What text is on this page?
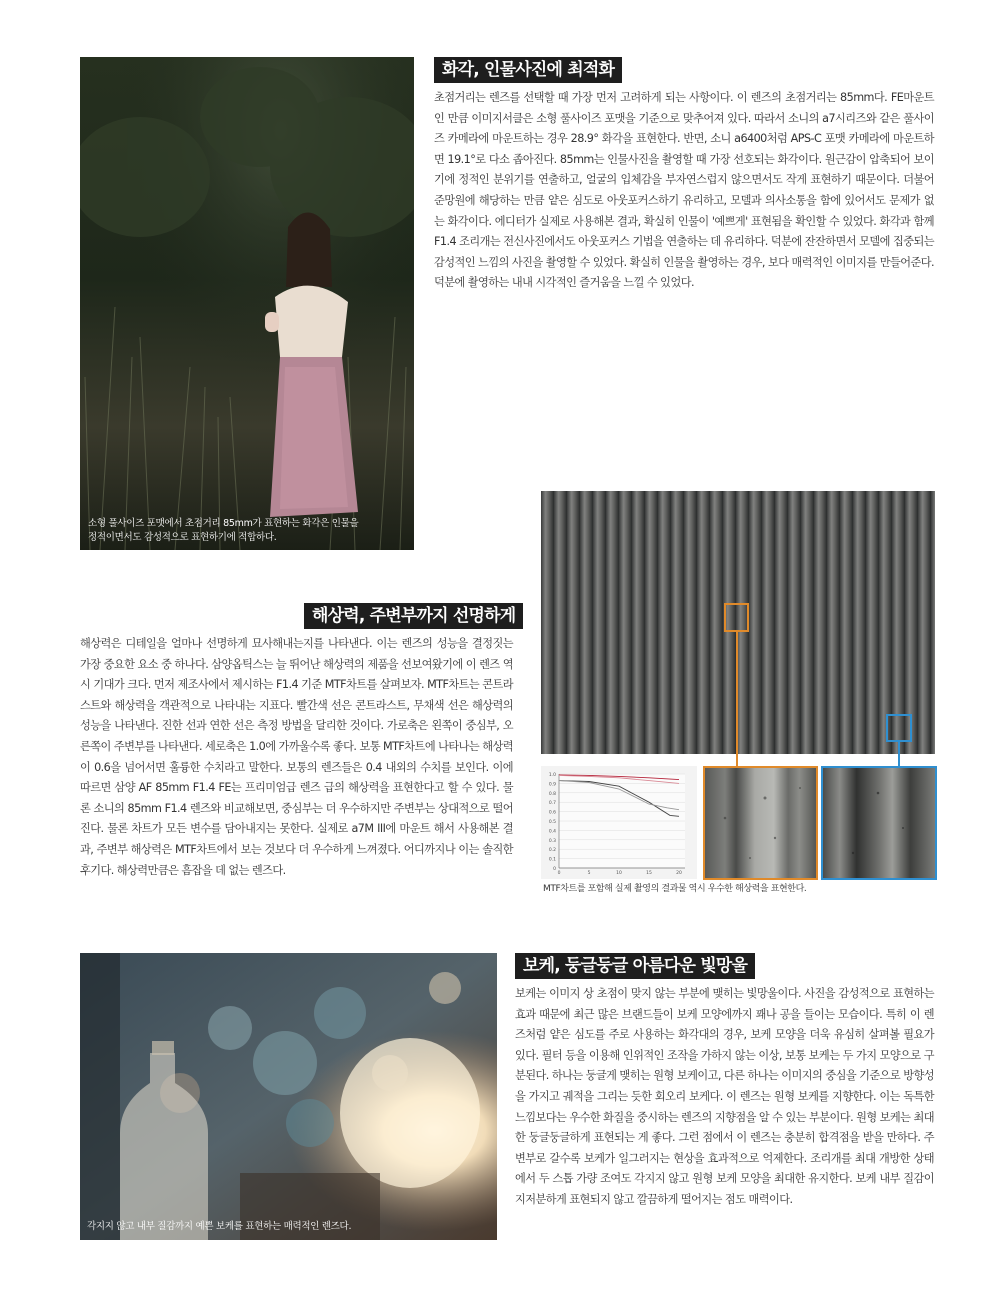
소형 풀사이즈 포맷에서 초점거리 85mm가 표현하는 화각은 인물을
정적이면서도 감성적으로 표현하기에 적합하다.
화각, 인물사진에 최적화
초점거리는 렌즈를 선택할 때 가장 먼저 고려하게 되는 사항이다. 이 렌즈의 초점거리는 85mm다. FE마운트인 만큼 이미지서클은 소형 풀사이즈 포맷을 기준으로 맞추어져 있다. 따라서 소니의 a7시리즈와 같은 풀사이즈 카메라에 마운트하는 경우 28.9° 화각을 표현한다. 반면, 소니 a6400처럼 APS-C 포맷 카메라에 마운트하면 19.1°로 다소 좁아진다. 85mm는 인물사진을 촬영할 때 가장 선호되는 화각이다. 원근감이 압축되어 보이기에 정적인 분위기를 연출하고, 얼굴의 입체감을 부자연스럽지 않으면서도 작게 표현하기 때문이다. 더불어 준망원에 해당하는 만큼 얕은 심도로 아웃포커스하기 유리하고, 모델과 의사소통을 함에 있어서도 문제가 없는 화각이다. 에디터가 실제로 사용해본 결과, 확실히 인물이 '예쁘게' 표현됨을 확인할 수 있었다. 화각과 함께 F1.4 조리개는 전신사진에서도 아웃포커스 기법을 연출하는 데 유리하다. 덕분에 잔잔하면서 모델에 집중되는 감성적인 느낌의 사진을 촬영할 수 있었다. 확실히 인물을 촬영하는 경우, 보다 매력적인 이미지를 만들어준다. 덕분에 촬영하는 내내 시각적인 즐거움을 느낄 수 있었다.
1.0
0.9
0.8
0.7
0.6
0.5
0.4
0.3
0.2
0.1
0
0	5	10	15	20
MTF차트를 포함해 실제 촬영의 결과물 역시 우수한 해상력을 표현한다.
해상력, 주변부까지 선명하게
해상력은 디테일을 얼마나 선명하게 묘사해내는지를 나타낸다. 이는 렌즈의 성능을 결정짓는 가장 중요한 요소 중 하나다. 삼양옵틱스는 늘 뛰어난 해상력의 제품을 선보여왔기에 이 렌즈 역시 기대가 크다. 먼저 제조사에서 제시하는 F1.4 기준 MTF차트를 살펴보자. MTF차트는 콘트라스트와 해상력을 객관적으로 나타내는 지표다. 빨간색 선은 콘트라스트, 무채색 선은 해상력의 성능을 나타낸다. 진한 선과 연한 선은 측정 방법을 달리한 것이다. 가로축은 왼쪽이 중심부, 오른쪽이 주변부를 나타낸다. 세로축은 1.0에 가까울수록 좋다. 보통 MTF차트에 나타나는 해상력이 0.6을 넘어서면 훌륭한 수치라고 말한다. 보통의 렌즈들은 0.4 내외의 수치를 보인다. 이에 따르면 삼양 AF 85mm F1.4 FE는 프리미엄급 렌즈 급의 해상력을 표현한다고 할 수 있다. 물론 소니의 85mm F1.4 렌즈와 비교해보면, 중심부는 더 우수하지만 주변부는 상대적으로 떨어진다. 물론 차트가 모든 변수를 담아내지는 못한다. 실제로 a7M III에 마운트 해서 사용해본 결과, 주변부 해상력은 MTF차트에서 보는 것보다 더 우수하게 느껴졌다. 어디까지나 이는 솔직한 후기다. 해상력만큼은 흠잡을 데 없는 렌즈다.
각지지 않고 내부 질감까지 예쁜 보케를 표현하는 매력적인 렌즈다.
보케, 둥글둥글 아름다운 빛망울
보케는 이미지 상 초점이 맞지 않는 부분에 맺히는 빛망울이다. 사진을 감성적으로 표현하는 효과 때문에 최근 많은 브랜드들이 보케 모양에까지 꽤나 공을 들이는 모습이다. 특히 이 렌즈처럼 얕은 심도를 주로 사용하는 화각대의 경우, 보케 모양을 더욱 유심히 살펴볼 필요가 있다. 필터 등을 이용해 인위적인 조작을 가하지 않는 이상, 보통 보케는 두 가지 모양으로 구분된다. 하나는 둥글게 맺히는 원형 보케이고, 다른 하나는 이미지의 중심을 기준으로 방향성을 가지고 궤적을 그리는 듯한 회오리 보케다. 이 렌즈는 원형 보케를 지향한다. 이는 독특한 느낌보다는 우수한 화질을 중시하는 렌즈의 지향점을 알 수 있는 부분이다. 원형 보케는 최대한 둥글둥글하게 표현되는 게 좋다. 그런 점에서 이 렌즈는 충분히 합격점을 받을 만하다. 주변부로 갈수록 보케가 일그러지는 현상을 효과적으로 억제한다. 조리개를 최대 개방한 상태에서 두 스톱 가량 조여도 각지지 않고 원형 보케 모양을 최대한 유지한다. 보케 내부 질감이 지저분하게 표현되지 않고 깔끔하게 떨어지는 점도 매력이다.
